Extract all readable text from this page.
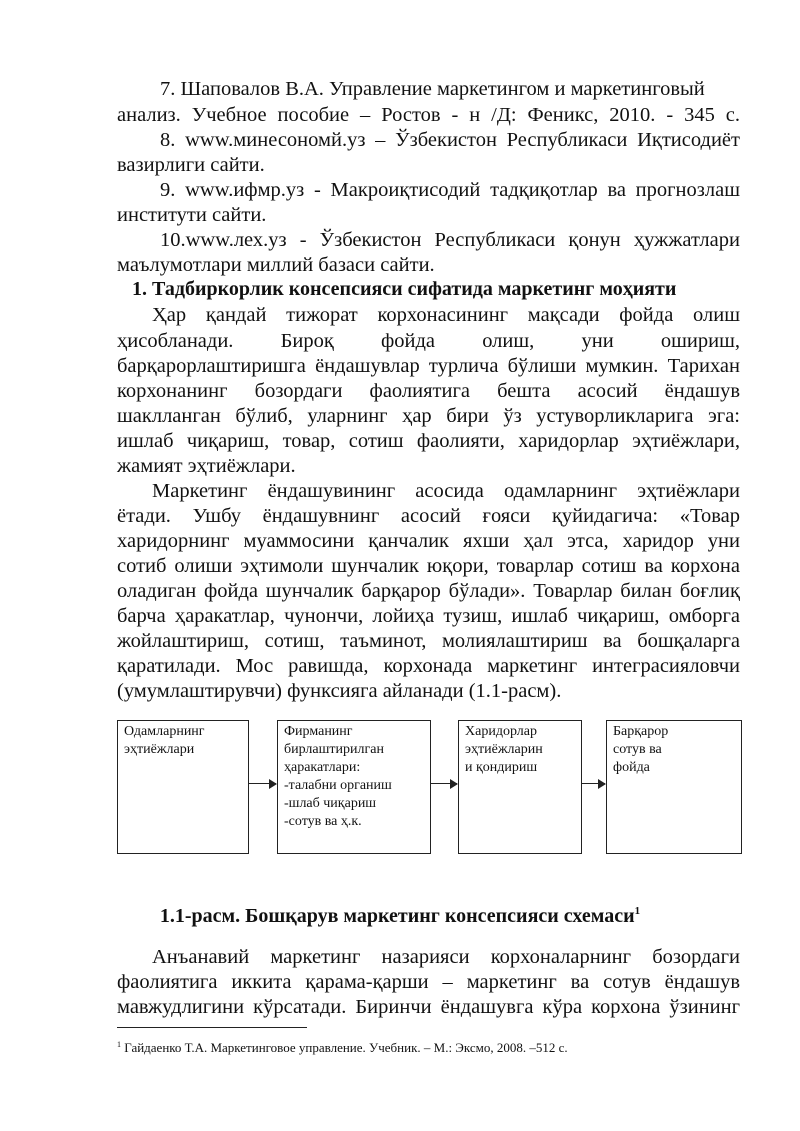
7. Шаповалов В.А. Управление маркетингом и маркетинговый
анализ. Учебное пособие – Ростов - н /Д: Феникс, 2010. - 345 с.
8. www.минесономй.уз – Ўзбекистон Республикаси Иқтисодиёт
вазирлиги сайти.
9. www.ифмр.уз - Макроиқтисодий тадқиқотлар ва прогнозлаш
институти сайти.
10.www.лех.уз - Ўзбекистон Республикаси қонун ҳужжатлари
маълумотлари миллий базаси сайти.
1. Тадбиркорлик консепсияси сифатида маркетинг моҳияти
Ҳар қандай тижорат корхонасининг мақсади фойда олиш
ҳисобланади. Бироқ фойда олиш, уни ошириш,
барқарорлаштиришга ёндашувлар турлича бўлиши мумкин. Тарихан
корхонанинг бозордаги фаолиятига бешта асосий ёндашув
шаклланган бўлиб, уларнинг ҳар бири ўз устуворликларига эга:
ишлаб чиқариш, товар, сотиш фаолияти, харидорлар эҳтиёжлари,
жамият эҳтиёжлари.
Маркетинг ёндашувининг асосида одамларнинг эҳтиёжлари
ётади. Ушбу ёндашувнинг асосий ғояси қуйидагича: «Товар
харидорнинг муаммосини қанчалик яхши ҳал этса, харидор уни
сотиб олиши эҳтимоли шунчалик юқори, товарлар сотиш ва корхона
оладиган фойда шунчалик барқарор бўлади». Товарлар билан боғлиқ
барча ҳаракатлар, чунончи, лойиҳа тузиш, ишлаб чиқариш, омборга
жойлаштириш, сотиш, таъминот, молиялаштириш ва бошқаларга
қаратилади. Мос равишда, корхонада маркетинг интеграсияловчи
(умумлаштирувчи) функсияга айланади (1.1-расм).
Одамларнинг
эҳтиёжлари
Фирманинг
бирлаштирилган
ҳаракатлари:
-талабни органиш
-шлаб чиқариш
-сотув ва ҳ.к.
Харидорлар
эҳтиёжларин
и қондириш
Барқарор
сотув ва
фойда
1.1-расм. Бошқарув маркетинг консепсияси схемаси$^1$
Анъанавий маркетинг назарияси корхоналарнинг бозордаги
фаолиятига иккита қарама-қарши – маркетинг ва сотув ёндашув
мавжудлигини кўрсатади. Биринчи ёндашувга кўра корхона ўзининг
$^1$ Гайдаенко Т.А. Маркетинговое управление. Учебник. – М.: Эксмо, 2008. –512 с.
